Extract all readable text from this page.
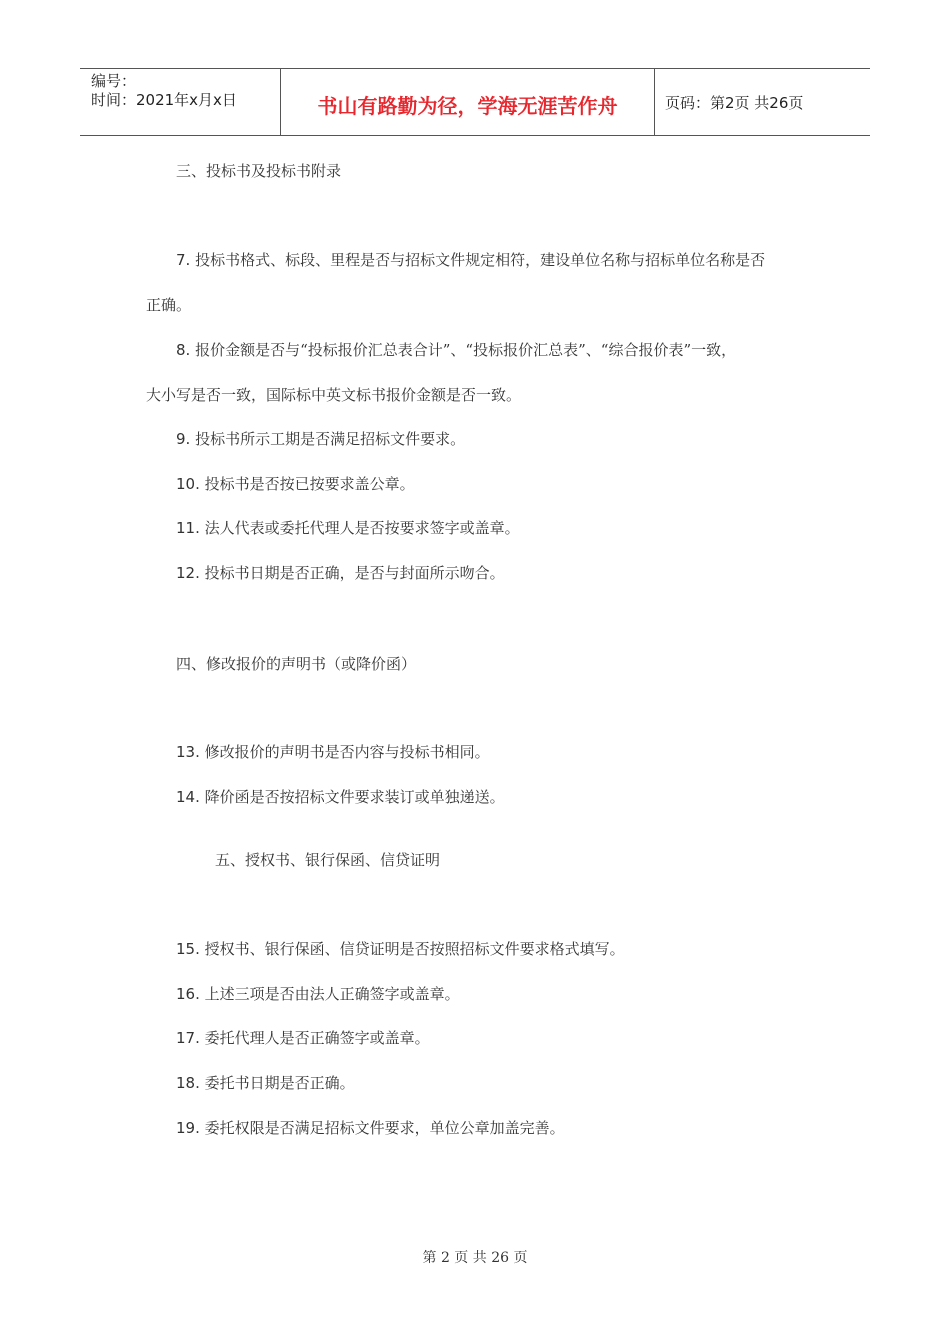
编号：
时间：2021年x月x日	书山有路勤为径，学海无涯苦作舟	页码：第2页 共26页
三、投标书及投标书附录
7. 投标书格式、标段、里程是否与招标文件规定相符，建设单位名称与招标单位名称是否
正确。
8. 报价金额是否与“投标报价汇总表合计”、“投标报价汇总表”、“综合报价表”一致，
大小写是否一致，国际标中英文标书报价金额是否一致。
9. 投标书所示工期是否满足招标文件要求。
10. 投标书是否按已按要求盖公章。
11. 法人代表或委托代理人是否按要求签字或盖章。
12. 投标书日期是否正确，是否与封面所示吻合。
四、修改报价的声明书（或降价函）
13. 修改报价的声明书是否内容与投标书相同。
14. 降价函是否按招标文件要求装订或单独递送。
五、授权书、银行保函、信贷证明
15. 授权书、银行保函、信贷证明是否按照招标文件要求格式填写。
16. 上述三项是否由法人正确签字或盖章。
17. 委托代理人是否正确签字或盖章。
18. 委托书日期是否正确。
19. 委托权限是否满足招标文件要求，单位公章加盖完善。
第 2 页 共 26 页
